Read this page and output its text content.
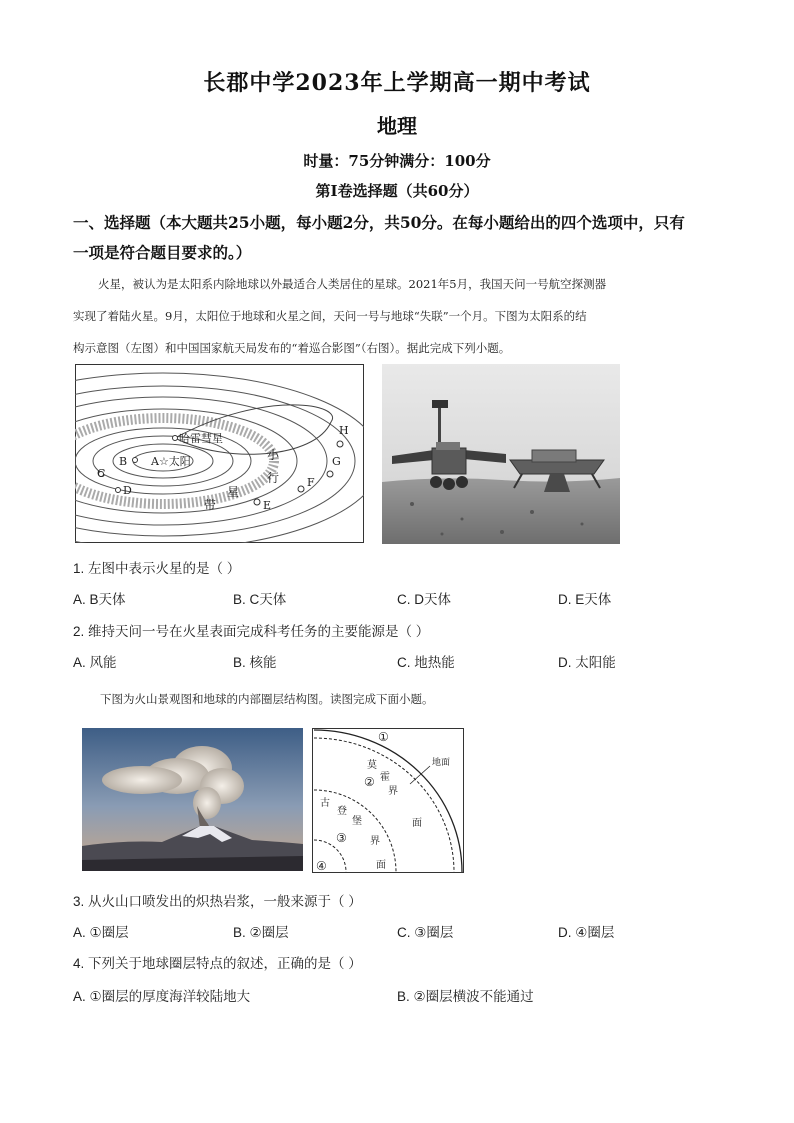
长郡中学2023年上学期高一期中考试
地理
时量：75分钟满分：100分
第Ⅰ卷选择题（共60分）
一、选择题（本大题共25小题，每小题2分，共50分。在每小题给出的四个选项中，只有
一项是符合题目要求的。）
火星，被认为是太阳系内除地球以外最适合人类居住的星球。2021年5月，我国天问一号航空探测器
实现了着陆火星。9月，太阳位于地球和火星之间，天问一号与地球“失联”一个月。下图为太阳系的结
构示意图（左图）和中国国家航天局发布的“着巡合影图”（右图）。据此完成下列小题。
哈雷彗星
A☆太阳
B
C
D
E
F
G
H
小
行
带
星
1. 左图中表示火星的是（ ）
A. B天体	B. C天体	C. D天体	D. E天体
2. 维持天问一号在火星表面完成科考任务的主要能源是（ ）
A. 风能	B. 核能	C. 地热能	D. 太阳能
下图为火山景观图和地球的内部圈层结构图。读图完成下面小题。
莫
霍
界
面
地面
古
登
堡
界
面
①
②
③
④
3. 从火山口喷发出的炽热岩浆，一般来源于（ ）
A. ①圈层	B. ②圈层	C. ③圈层	D. ④圈层
4. 下列关于地球圈层特点的叙述，正确的是（ ）
A. ①圈层的厚度海洋较陆地大	B. ②圈层横波不能通过
